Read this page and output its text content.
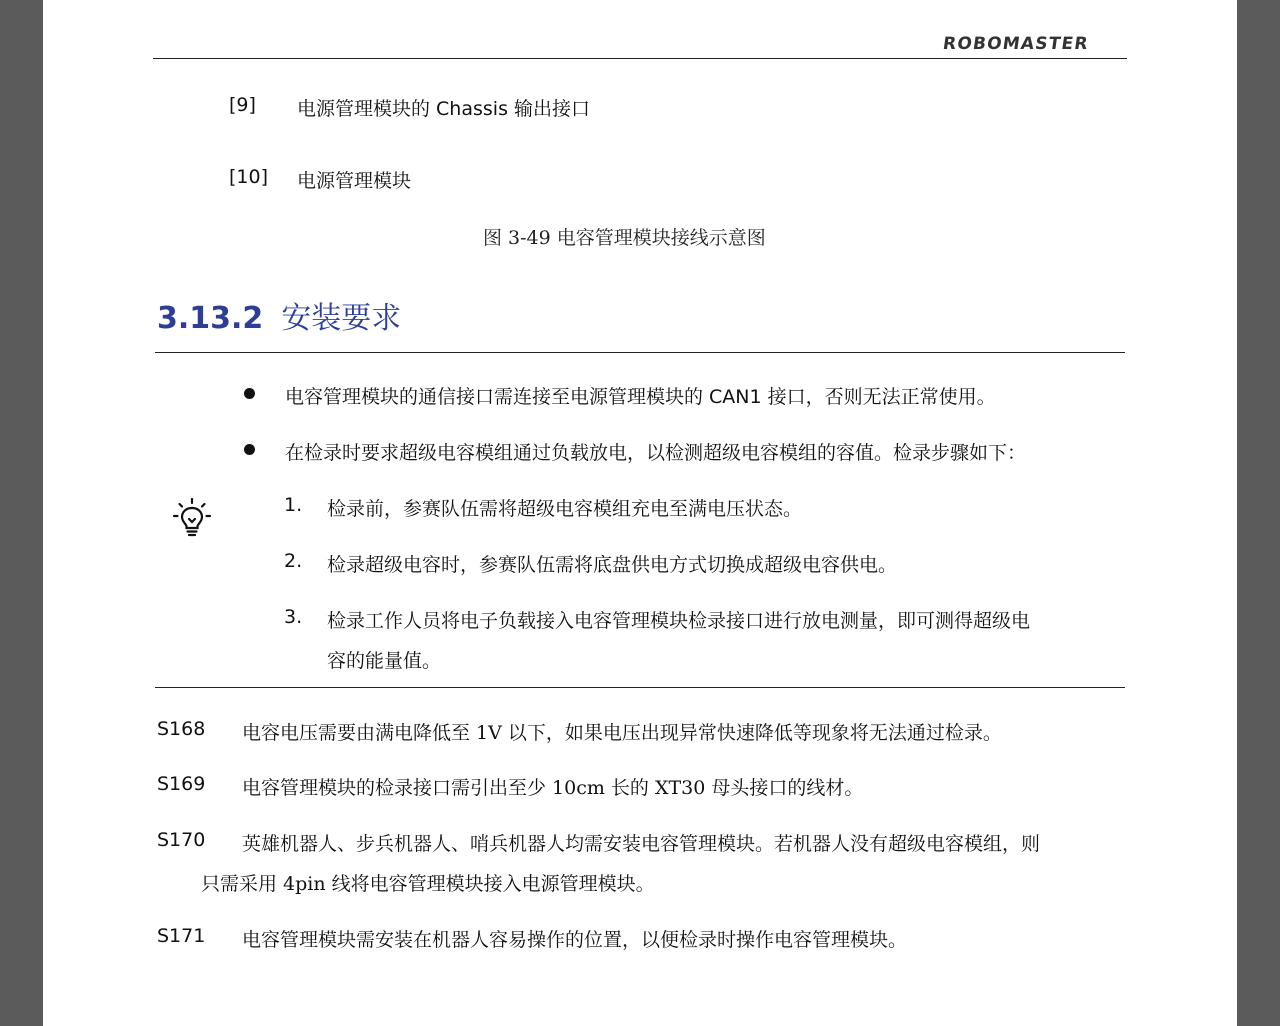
ROBOMASTER
[9] 电源管理模块的 Chassis 输出接口
[10] 电源管理模块
图 3-49 电容管理模块接线示意图
3.13.2 安装要求
电容管理模块的通信接口需连接至电源管理模块的 CAN1 接口，否则无法正常使用。
在检录时要求超级电容模组通过负载放电，以检测超级电容模组的容值。检录步骤如下：
1. 检录前，参赛队伍需将超级电容模组充电至满电压状态。
2. 检录超级电容时，参赛队伍需将底盘供电方式切换成超级电容供电。
3. 检录工作人员将电子负载接入电容管理模块检录接口进行放电测量，即可测得超级电
容的能量值。
S168 电容电压需要由满电降低至 1V 以下，如果电压出现异常快速降低等现象将无法通过检录。
S169 电容管理模块的检录接口需引出至少 10cm 长的 XT30 母头接口的线材。
S170 英雄机器人、步兵机器人、哨兵机器人均需安装电容管理模块。若机器人没有超级电容模组，则
只需采用 4pin 线将电容管理模块接入电源管理模块。
S171 电容管理模块需安装在机器人容易操作的位置，以便检录时操作电容管理模块。
